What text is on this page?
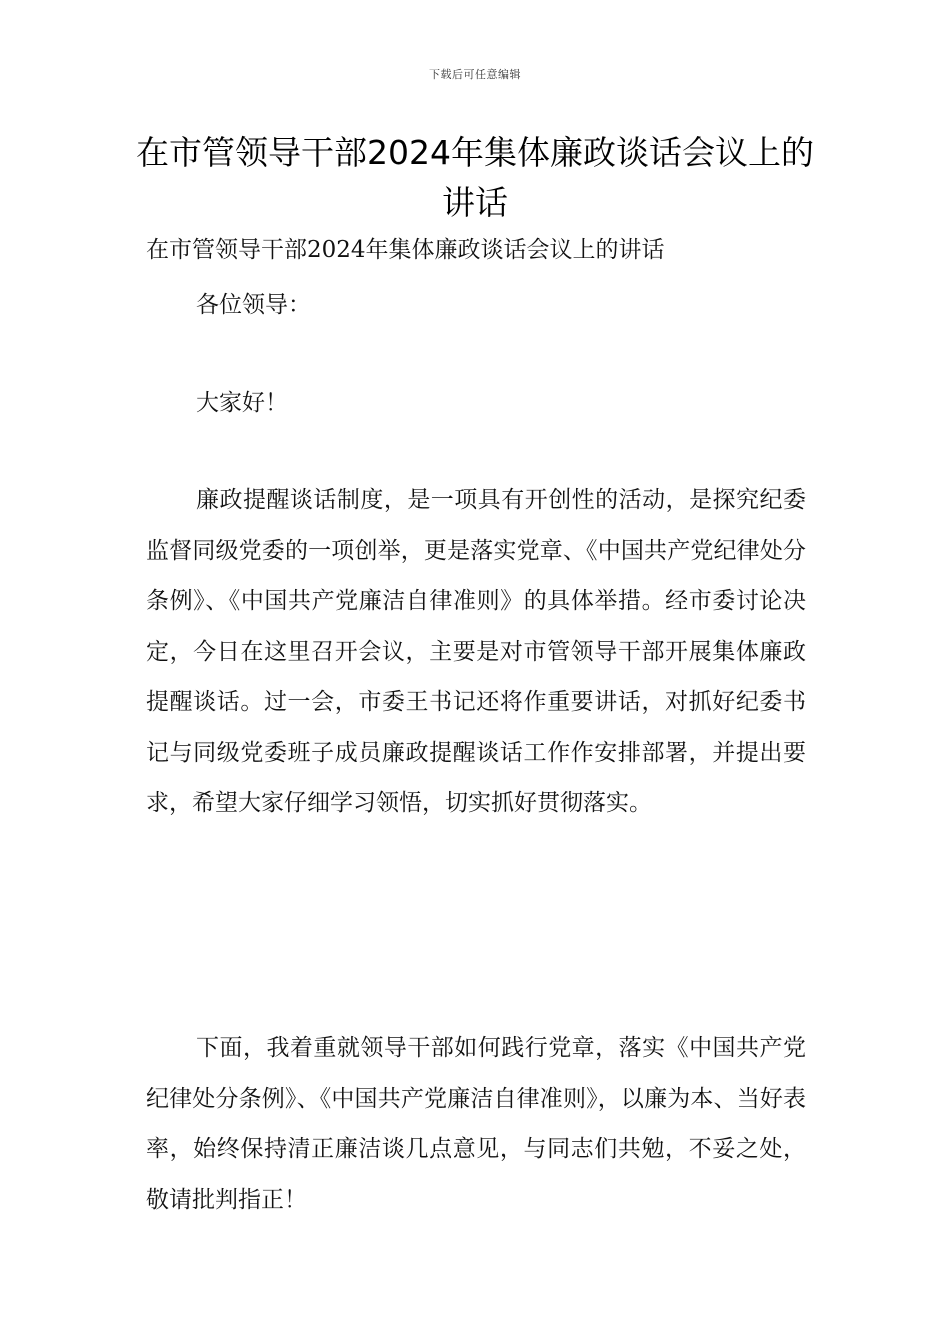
下载后可任意编辑
在市管领导干部2024年集体廉政谈话会议上的讲话

在市管领导干部2024年集体廉政谈话会议上的讲话

各位领导：

大家好！

廉政提醒谈话制度，是一项具有开创性的活动，是探究纪委监督同级党委的一项创举，更是落实党章、《中国共产党纪律处分条例》、《中国共产党廉洁自律准则》的具体举措。经市委讨论决定，今日在这里召开会议，主要是对市管领导干部开展集体廉政提醒谈话。过一会，市委王书记还将作重要讲话，对抓好纪委书记与同级党委班子成员廉政提醒谈话工作作安排部署，并提出要求，希望大家仔细学习领悟，切实抓好贯彻落实。

下面，我着重就领导干部如何践行党章，落实《中国共产党纪律处分条例》、《中国共产党廉洁自律准则》，以廉为本、当好表率，始终保持清正廉洁谈几点意见，与同志们共勉，不妥之处，敬请批判指正！
